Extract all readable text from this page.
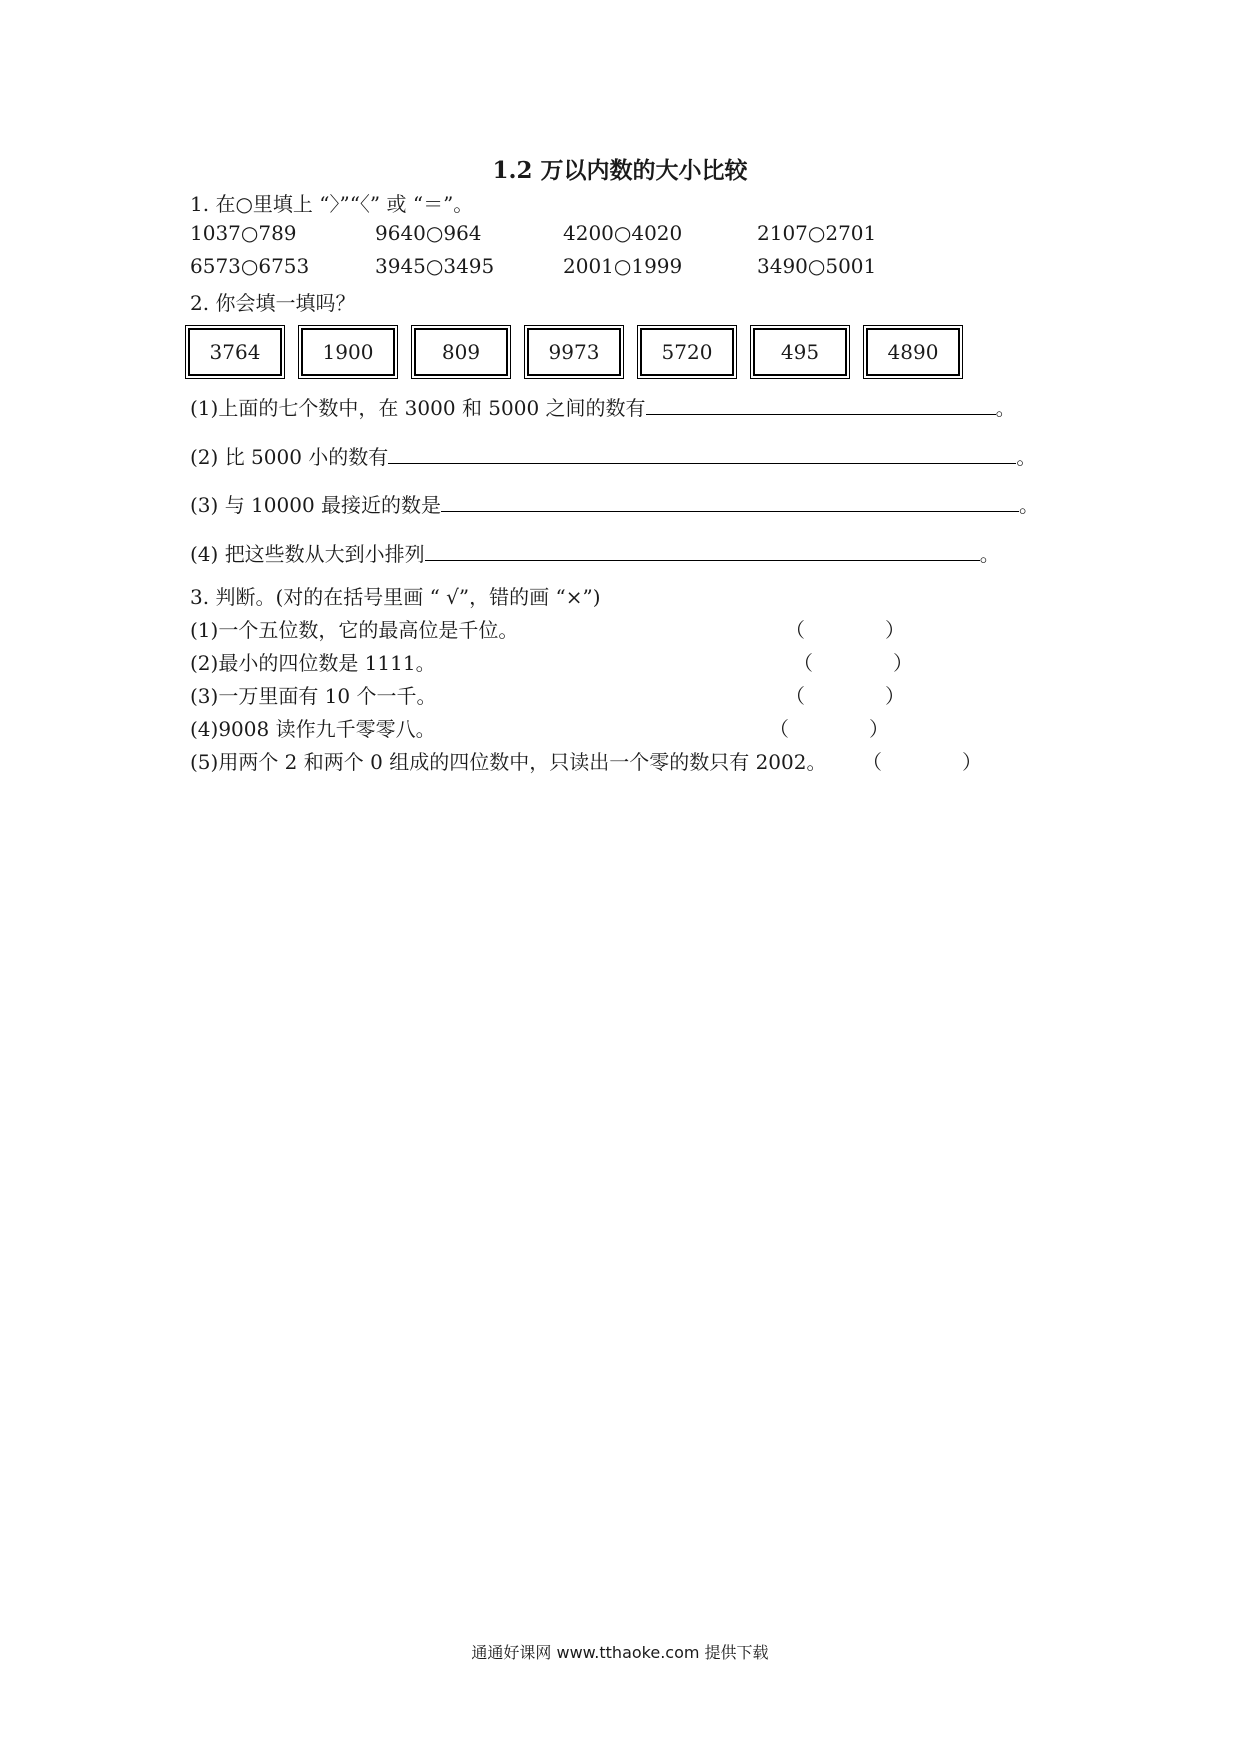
1.2 万以内数的大小比较
1. 在○里填上 “〉”“〈” 或 “＝”。
1037○789	9640○964	4200○4020	2107○2701
6573○6753	3945○3495	2001○1999	3490○5001
2. 你会填一填吗？
3764	1900	809	9973	5720	495	4890
(1)上面的七个数中，在 3000 和 5000 之间的数有	。
(2) 比 5000 小的数有	。
(3) 与 10000 最接近的数是	。
(4) 把这些数从大到小排列	。
3. 判断。(对的在括号里画 “ √”，错的画 “×”)
(1)一个五位数，它的最高位是千位。	（　　　　）
(2)最小的四位数是 1111。	（　　　　）
(3)一万里面有 10 个一千。	（　　　　）
(4)9008 读作九千零零八。	（　　　　）
(5)用两个 2 和两个 0 组成的四位数中，只读出一个零的数只有 2002。 （　　　　）
通通好课网 www.tthaoke.com 提供下载
